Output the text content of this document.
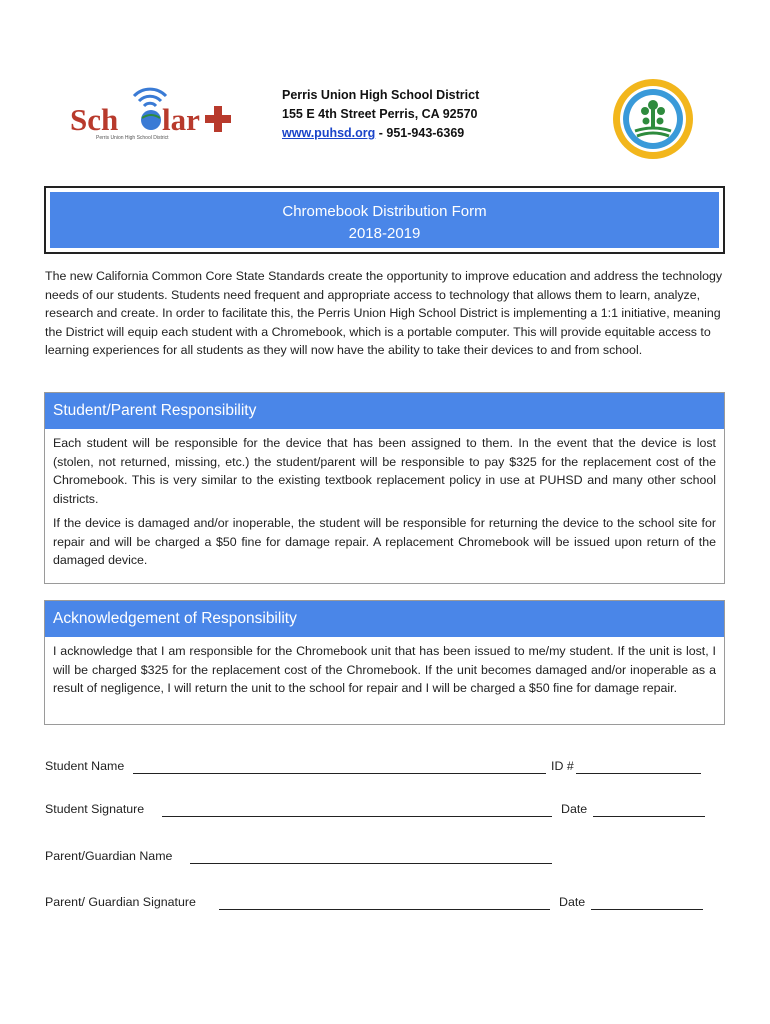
Sch lar
Perris Union High School District
Perris Union High School District
155 E 4th Street Perris, CA 92570
www.puhsd.org - 951-943-6369
Chromebook Distribution Form
2018-2019
The new California Common Core State Standards create the opportunity to improve education and address the technology needs of our students. Students need frequent and appropriate access to technology that allows them to learn, analyze, research and create. In order to facilitate this, the Perris Union High School District is implementing a 1:1 initiative, meaning the District will equip each student with a Chromebook, which is a portable computer. This will provide equitable access to learning experiences for all students as they will now have the ability to take their devices to and from school.
Student/Parent Responsibility

Each student will be responsible for the device that has been assigned to them. In the event that the device is lost (stolen, not returned, missing, etc.) the student/parent will be responsible to pay $325 for the replacement cost of the Chromebook. This is very similar to the existing textbook replacement policy in use at PUHSD and many other school districts.

If the device is damaged and/or inoperable, the student will be responsible for returning the device to the school site for repair and will be charged a $50 fine for damage repair. A replacement Chromebook will be issued upon return of the damaged device.

Acknowledgement of Responsibility

I acknowledge that I am responsible for the Chromebook unit that has been issued to me/my student. If the unit is lost, I will be charged $325 for the replacement cost of the Chromebook. If the unit becomes damaged and/or inoperable as a result of negligence, I will return the unit to the school for repair and I will be charged a $50 fine for damage repair.

Student Name	ID #
Student Signature	Date
Parent/Guardian Name
Parent/ Guardian Signature	Date
